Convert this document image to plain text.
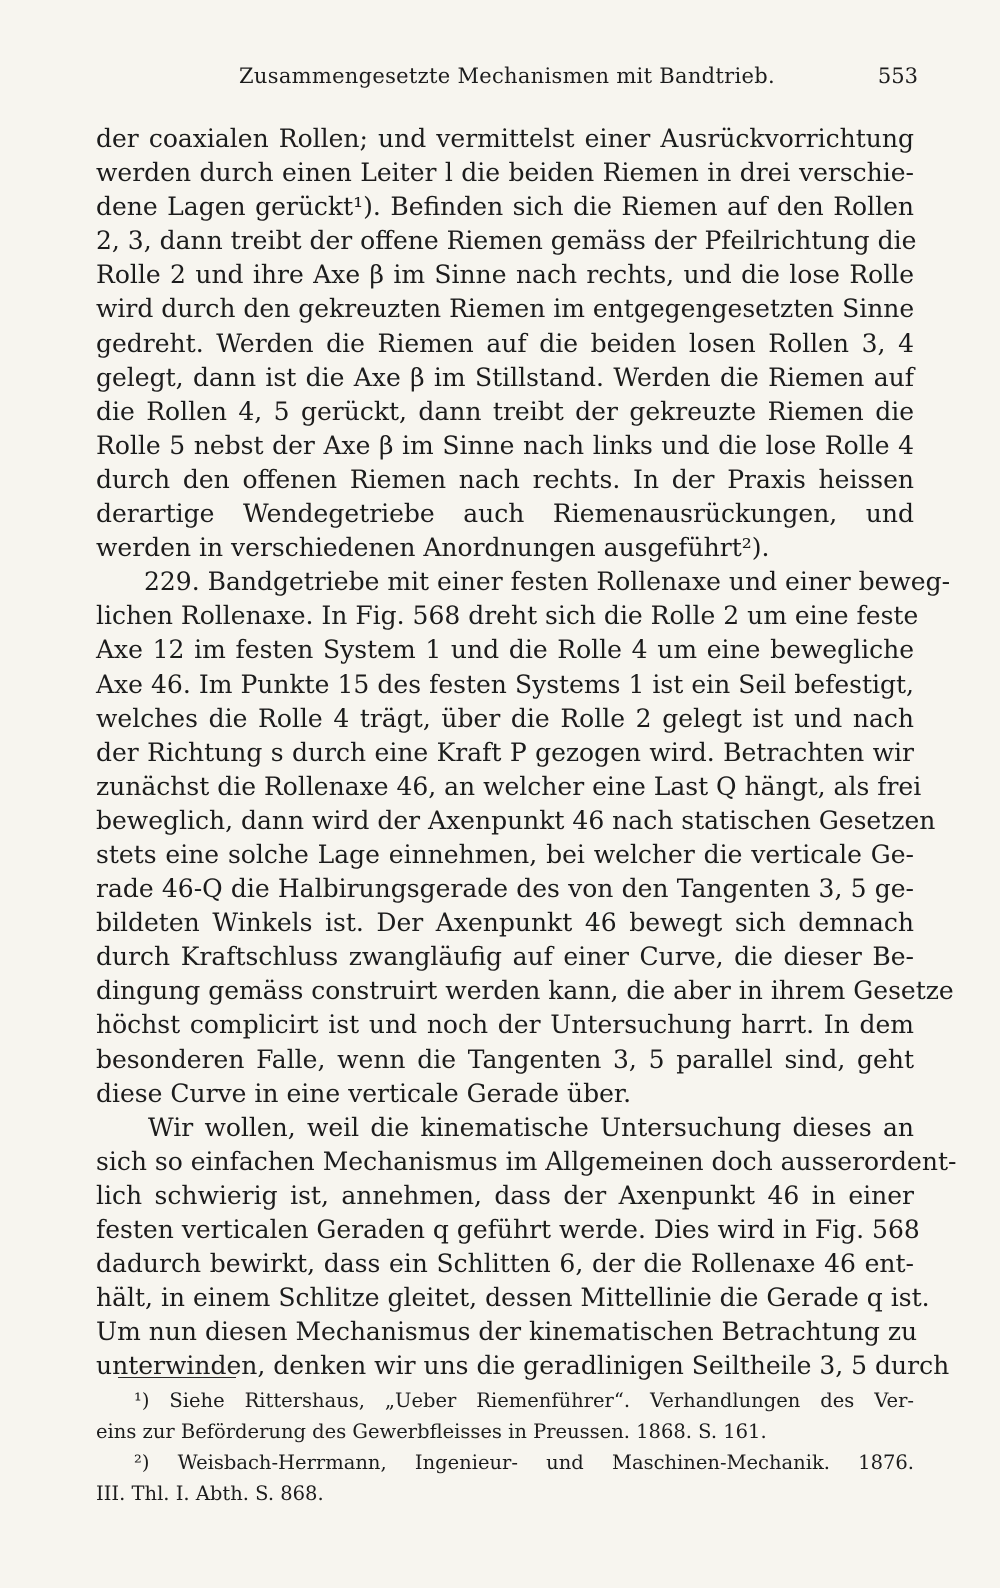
Zusammengesetzte Mechanismen mit Bandtrieb.	553
der coaxialen Rollen; und vermittelst einer Ausrückvorrichtung
werden durch einen Leiter l die beiden Riemen in drei verschie-
dene Lagen gerückt¹). Befinden sich die Riemen auf den Rollen
2, 3, dann treibt der offene Riemen gemäss der Pfeilrichtung die
Rolle 2 und ihre Axe β im Sinne nach rechts, und die lose Rolle
wird durch den gekreuzten Riemen im entgegengesetzten Sinne
gedreht. Werden die Riemen auf die beiden losen Rollen 3, 4
gelegt, dann ist die Axe β im Stillstand. Werden die Riemen auf
die Rollen 4, 5 gerückt, dann treibt der gekreuzte Riemen die
Rolle 5 nebst der Axe β im Sinne nach links und die lose Rolle 4
durch den offenen Riemen nach rechts. In der Praxis heissen
derartige Wendegetriebe auch Riemenausrückungen, und
werden in verschiedenen Anordnungen ausgeführt²).
229. Bandgetriebe mit einer festen Rollenaxe und einer beweg-
lichen Rollenaxe. In Fig. 568 dreht sich die Rolle 2 um eine feste
Axe 12 im festen System 1 und die Rolle 4 um eine bewegliche
Axe 46. Im Punkte 15 des festen Systems 1 ist ein Seil befestigt,
welches die Rolle 4 trägt, über die Rolle 2 gelegt ist und nach
der Richtung s durch eine Kraft P gezogen wird. Betrachten wir
zunächst die Rollenaxe 46, an welcher eine Last Q hängt, als frei
beweglich, dann wird der Axenpunkt 46 nach statischen Gesetzen
stets eine solche Lage einnehmen, bei welcher die verticale Ge-
rade 46-Q die Halbirungsgerade des von den Tangenten 3, 5 ge-
bildeten Winkels ist. Der Axenpunkt 46 bewegt sich demnach
durch Kraftschluss zwangläufig auf einer Curve, die dieser Be-
dingung gemäss construirt werden kann, die aber in ihrem Gesetze
höchst complicirt ist und noch der Untersuchung harrt. In dem
besonderen Falle, wenn die Tangenten 3, 5 parallel sind, geht
diese Curve in eine verticale Gerade über.
Wir wollen, weil die kinematische Untersuchung dieses an
sich so einfachen Mechanismus im Allgemeinen doch ausserordent-
lich schwierig ist, annehmen, dass der Axenpunkt 46 in einer
festen verticalen Geraden q geführt werde. Dies wird in Fig. 568
dadurch bewirkt, dass ein Schlitten 6, der die Rollenaxe 46 ent-
hält, in einem Schlitze gleitet, dessen Mittellinie die Gerade q ist.
Um nun diesen Mechanismus der kinematischen Betrachtung zu
unterwinden, denken wir uns die geradlinigen Seiltheile 3, 5 durch
¹) Siehe Rittershaus, „Ueber Riemenführer“. Verhandlungen des Ver-
eins zur Beförderung des Gewerbfleisses in Preussen. 1868. S. 161.
²) Weisbach-Herrmann, Ingenieur- und Maschinen-Mechanik. 1876.
III. Thl. I. Abth. S. 868.
